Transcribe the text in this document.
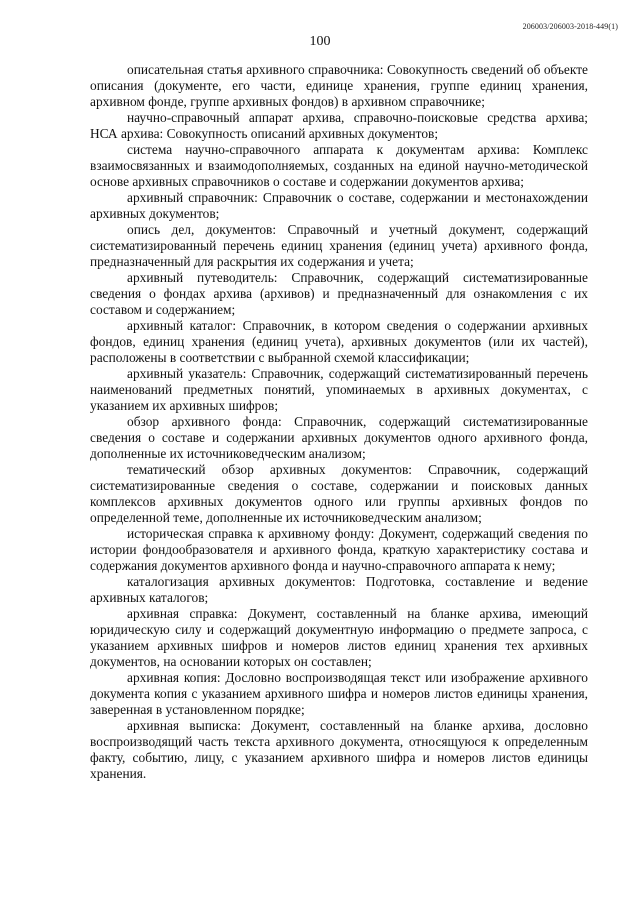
206003/206003-2018-449(1)
100

описательная статья архивного справочника: Совокупность сведений об объекте описания (документе, его части, единице хранения, группе единиц хранения, архивном фонде, группе архивных фондов) в архивном справочнике;

научно-справочный аппарат архива, справочно-поисковые средства архива; НСА архива: Совокупность описаний архивных документов;

система научно-справочного аппарата к документам архива: Комплекс взаимосвязанных и взаимодополняемых, созданных на единой научно-методической основе архивных справочников о составе и содержании документов архива;

архивный справочник: Справочник о составе, содержании и местонахождении архивных документов;

опись дел, документов: Справочный и учетный документ, содержащий систематизированный перечень единиц хранения (единиц учета) архивного фонда, предназначенный для раскрытия их содержания и учета;

архивный путеводитель: Справочник, содержащий систематизированные сведения о фондах архива (архивов) и предназначенный для ознакомления с их составом и содержанием;

архивный каталог: Справочник, в котором сведения о содержании архивных фондов, единиц хранения (единиц учета), архивных документов (или их частей), расположены в соответствии с выбранной схемой классификации;

архивный указатель: Справочник, содержащий систематизированный перечень наименований предметных понятий, упоминаемых в архивных документах, с указанием их архивных шифров;

обзор архивного фонда: Справочник, содержащий систематизированные сведения о составе и содержании архивных документов одного архивного фонда, дополненные их источниковедческим анализом;

тематический обзор архивных документов: Справочник, содержащий систематизированные сведения о составе, содержании и поисковых данных комплексов архивных документов одного или группы архивных фондов по определенной теме, дополненные их источниковедческим анализом;

историческая справка к архивному фонду: Документ, содержащий сведения по истории фондообразователя и архивного фонда, краткую характеристику состава и содержания документов архивного фонда и научно-справочного аппарата к нему;

каталогизация архивных документов: Подготовка, составление и ведение архивных каталогов;

архивная справка: Документ, составленный на бланке архива, имеющий юридическую силу и содержащий документную информацию о предмете запроса, с указанием архивных шифров и номеров листов единиц хранения тех архивных документов, на основании которых он составлен;

архивная копия: Дословно воспроизводящая текст или изображение архивного документа копия с указанием архивного шифра и номеров листов единицы хранения, заверенная в установленном порядке;

архивная выписка: Документ, составленный на бланке архива, дословно воспроизводящий часть текста архивного документа, относящуюся к определенным факту, событию, лицу, с указанием архивного шифра и номеров листов единицы хранения.
